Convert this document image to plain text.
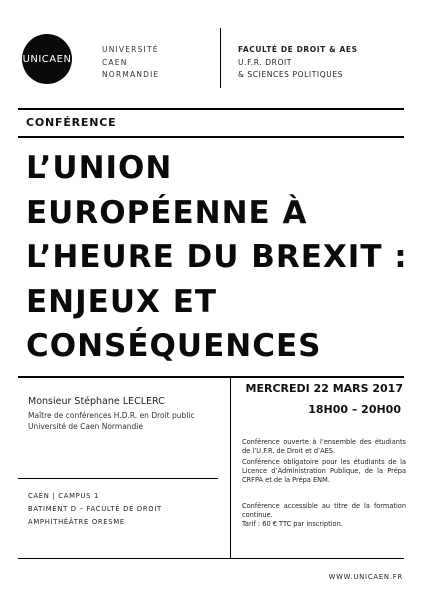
UNICAEN
UNIVERSITÉ
CAEN
NORMANDIE
FACULTÉ DE DROIT & AES
U.F.R. DROIT
& SCIENCES POLITIQUES
CONFÉRENCE
L’UNION
EUROPÉENNE À
L’HEURE DU BREXIT :
ENJEUX ET
CONSÉQUENCES
Monsieur Stéphane LECLERC
Maître de conférences H.D.R. en Droit public
Université de Caen Normandie
MERCREDI 22 MARS 2017
18H00 – 20H00
Conférence ouverte à l’ensemble des étudiants de l’U.F.R. de Droit et d’AES.
Conférence obligatoire pour les étudiants de la Licence d’Administration Publique, de la Prépa CRFPA et de la Prépa ENM.
Conférence accessible au titre de la formation continue.
Tarif : 60 € TTC par inscription.
CAEN | CAMPUS 1
BATIMENT D – FACULTÉ DE DROIT
AMPHITHÉÂTRE ORESME
WWW.UNICAEN.FR
